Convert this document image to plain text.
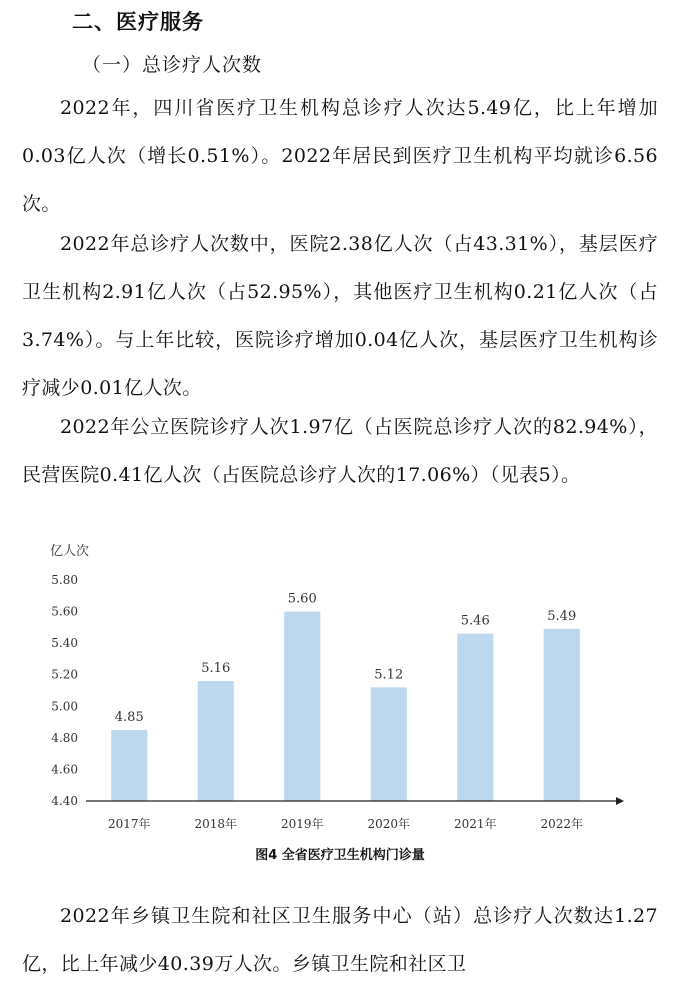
二、医疗服务
（一）总诊疗人次数

2022年，四川省医疗卫生机构总诊疗人次达5.49亿，比上年增加0.03亿人次（增长0.51%）。2022年居民到医疗卫生机构平均就诊6.56次。

2022年总诊疗人次数中，医院2.38亿人次（占43.31%），基层医疗卫生机构2.91亿人次（占52.95%），其他医疗卫生机构0.21亿人次（占3.74%）。与上年比较，医院诊疗增加0.04亿人次，基层医疗卫生机构诊疗减少0.01亿人次。

2022年公立医院诊疗人次1.97亿（占医院总诊疗人次的82.94%），民营医院0.41亿人次（占医院总诊疗人次的17.06%）（见表5）。

亿人次
4.40
4.60
4.80
5.00
5.20
5.40
5.60
5.80
4.85
2017年
5.16
2018年
5.60
2019年
5.12
2020年
5.46
2021年
5.49
2022年
图4 全省医疗卫生机构门诊量

2022年乡镇卫生院和社区卫生服务中心（站）总诊疗人次数达1.27亿，比上年减少40.39万人次。乡镇卫生院和社区卫
